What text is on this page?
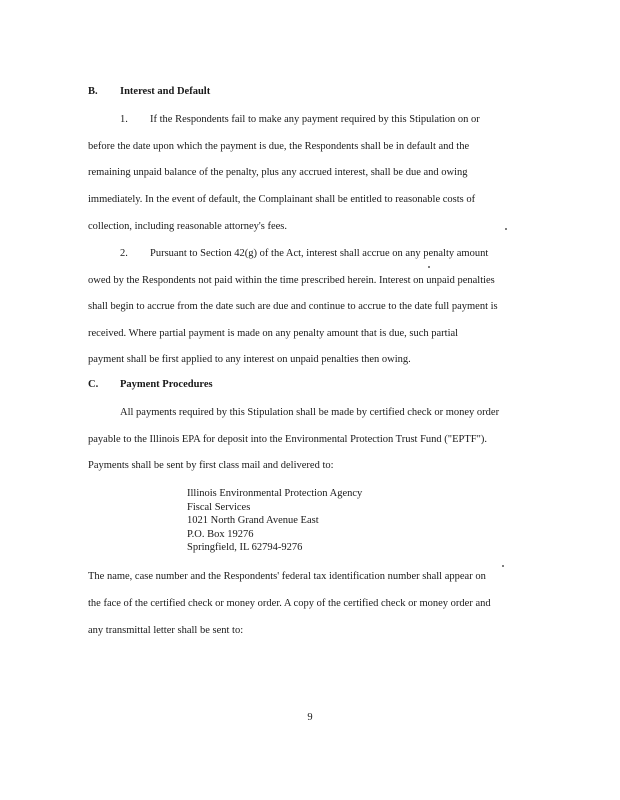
B. Interest and Default
1. If the Respondents fail to make any payment required by this Stipulation on or
before the date upon which the payment is due, the Respondents shall be in default and the
remaining unpaid balance of the penalty, plus any accrued interest, shall be due and owing
immediately. In the event of default, the Complainant shall be entitled to reasonable costs of
collection, including reasonable attorney's fees.
2. Pursuant to Section 42(g) of the Act, interest shall accrue on any penalty amount
owed by the Respondents not paid within the time prescribed herein. Interest on unpaid penalties
shall begin to accrue from the date such are due and continue to accrue to the date full payment is
received. Where partial payment is made on any penalty amount that is due, such partial
payment shall be first applied to any interest on unpaid penalties then owing.
C. Payment Procedures
All payments required by this Stipulation shall be made by certified check or money order
payable to the Illinois EPA for deposit into the Environmental Protection Trust Fund ("EPTF").
Payments shall be sent by first class mail and delivered to:
Illinois Environmental Protection Agency
Fiscal Services
1021 North Grand Avenue East
P.O. Box 19276
Springfield, IL 62794-9276
The name, case number and the Respondents' federal tax identification number shall appear on
the face of the certified check or money order. A copy of the certified check or money order and
any transmittal letter shall be sent to:
9
